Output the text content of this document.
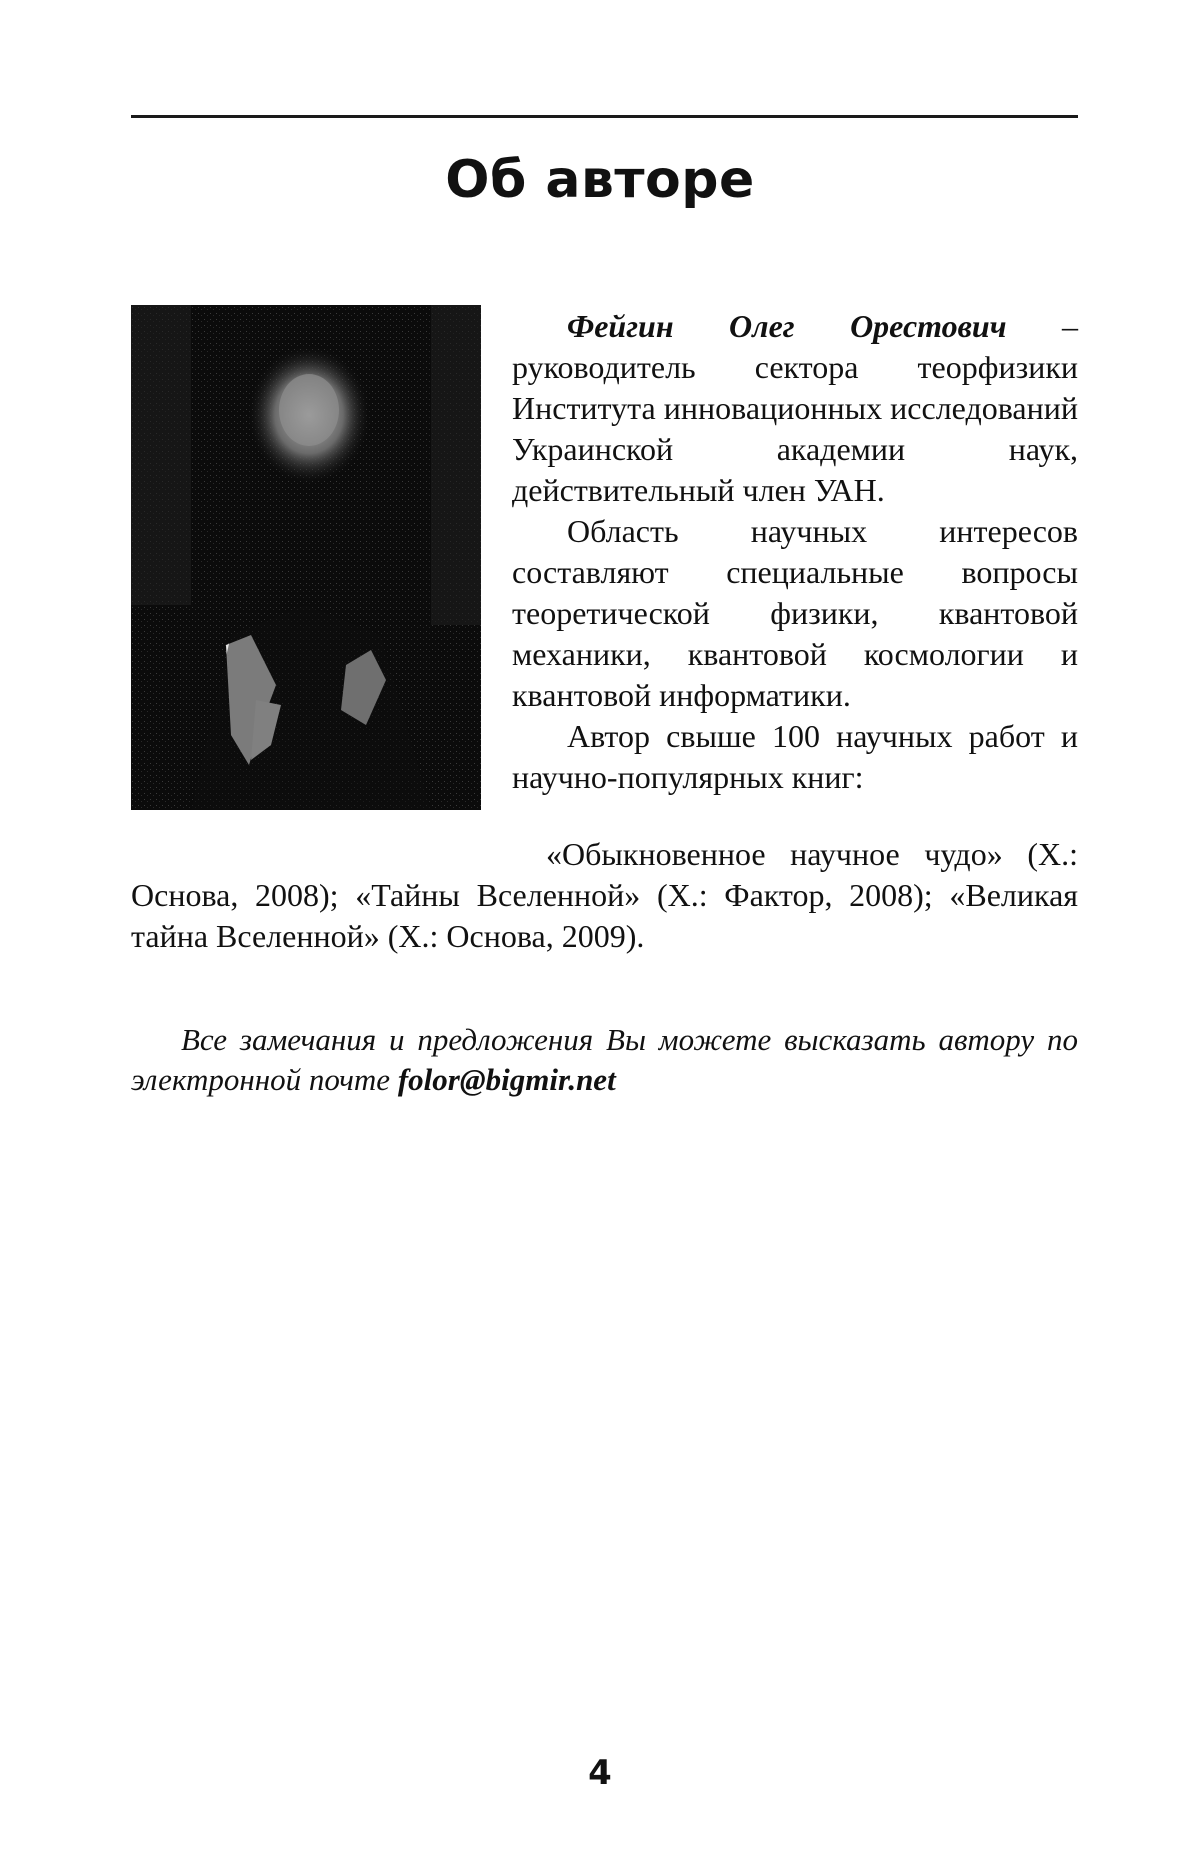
Об авторе

Фейгин Олег Орестович – руководитель сектора теорфизики Института инновационных исследований Украинской академии наук, действительный член УАН.

Область научных интересов составляют специальные вопросы теоретической физики, квантовой механики, квантовой космологии и квантовой информатики.

Автор свыше 100 научных работ и научно-популярных книг:

«Обыкновенное научное чудо» (Х.: Основа, 2008); «Тайны Вселенной» (Х.: Фактор, 2008); «Великая тайна Вселенной» (Х.: Основа, 2009).

Все замечания и предложения Вы можете высказать автору по электронной почте folor@bigmir.net

4
